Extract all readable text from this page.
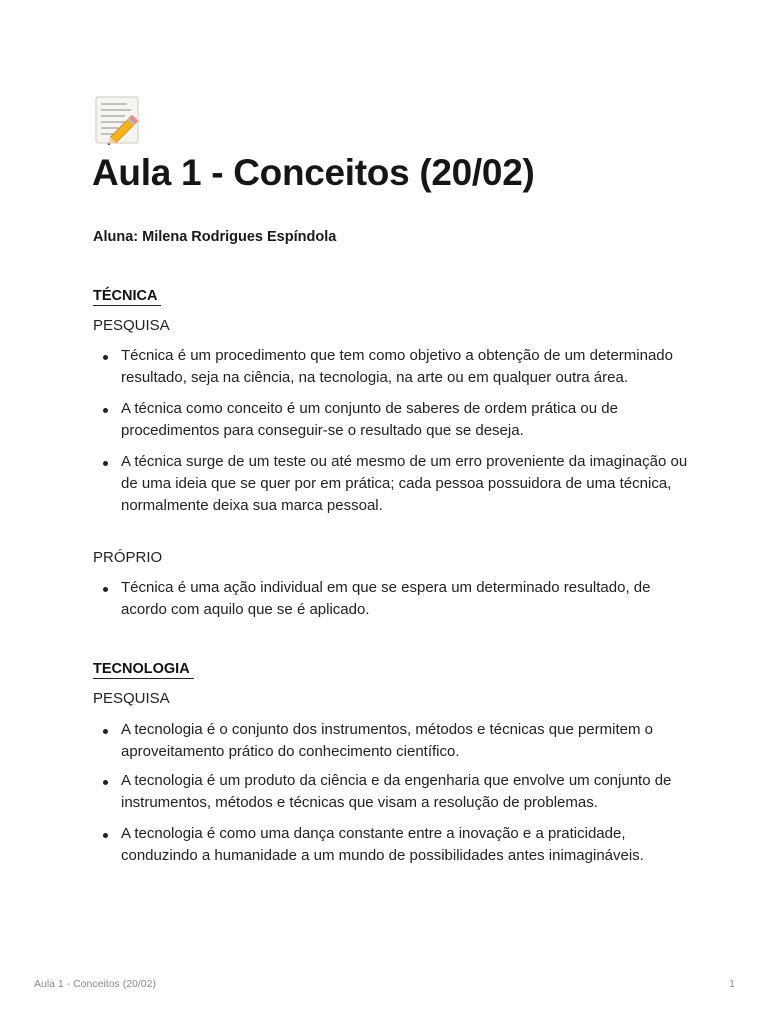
Aula 1 - Conceitos (20/02)

Aluna: Milena Rodrigues Espíndola

TÉCNICA

PESQUISA

Técnica é um procedimento que tem como objetivo a obtenção de um determinado resultado, seja na ciência, na tecnologia, na arte ou em qualquer outra área.
A técnica como conceito é um conjunto de saberes de ordem prática ou de procedimentos para conseguir-se o resultado que se deseja.
A técnica surge de um teste ou até mesmo de um erro proveniente da imaginação ou de uma ideia que se quer por em prática; cada pessoa possuidora de uma técnica, normalmente deixa sua marca pessoal.

PRÓPRIO

Técnica é uma ação individual em que se espera um determinado resultado, de acordo com aquilo que se é aplicado.
TECNOLOGIA

PESQUISA

A tecnologia é o conjunto dos instrumentos, métodos e técnicas que permitem o aproveitamento prático do conhecimento científico.
A tecnologia é um produto da ciência e da engenharia que envolve um conjunto de instrumentos, métodos e técnicas que visam a resolução de problemas.
A tecnologia é como uma dança constante entre a inovação e a praticidade, conduzindo a humanidade a um mundo de possibilidades antes inimagináveis.
Aula 1 - Conceitos (20/02)	1
